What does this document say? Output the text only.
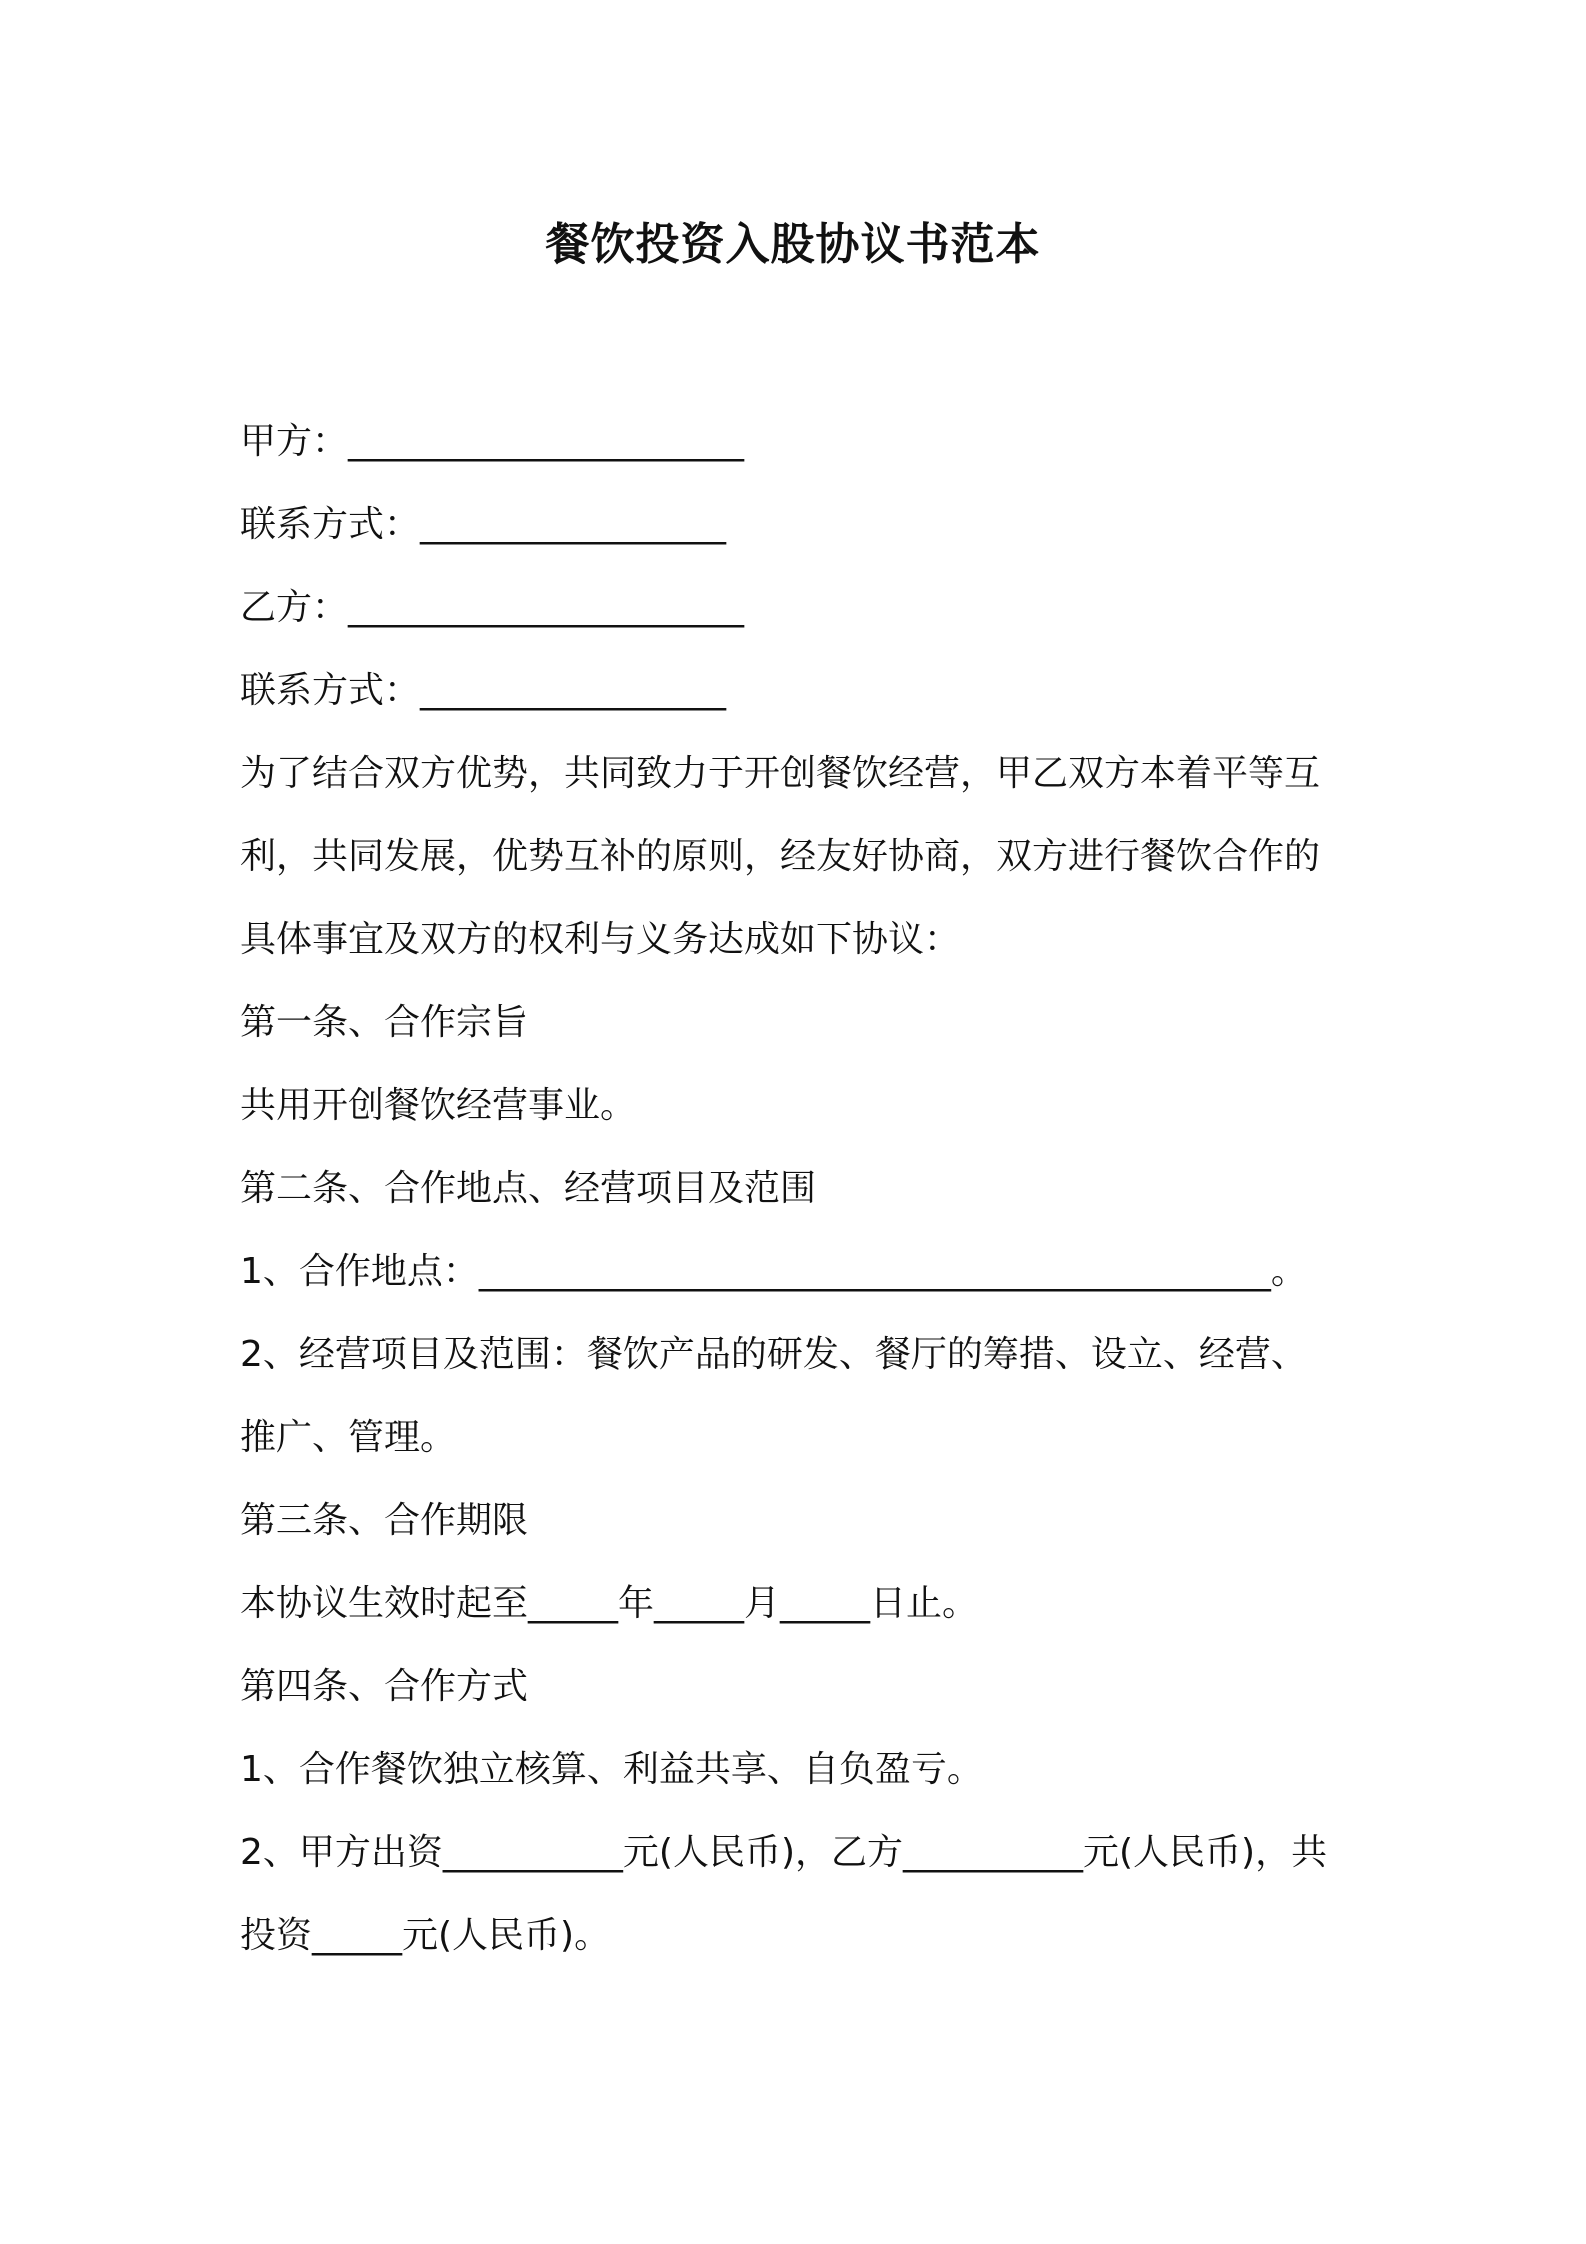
餐饮投资入股协议书范本
甲方：______________________
联系方式：_________________
乙方：______________________
联系方式：_________________
为了结合双方优势，共同致力于开创餐饮经营，甲乙双方本着平等互
利，共同发展，优势互补的原则，经友好协商，双方进行餐饮合作的
具体事宜及双方的权利与义务达成如下协议：
第一条、合作宗旨
共用开创餐饮经营事业。
第二条、合作地点、经营项目及范围
1、合作地点：____________________________________________。
2、经营项目及范围：餐饮产品的研发、餐厅的筹措、设立、经营、
推广、管理。
第三条、合作期限
本协议生效时起至_____年_____月_____日止。
第四条、合作方式
1、合作餐饮独立核算、利益共享、自负盈亏。
2、甲方出资__________元(人民币)，乙方__________元(人民币)，共
投资_____元(人民币)。
